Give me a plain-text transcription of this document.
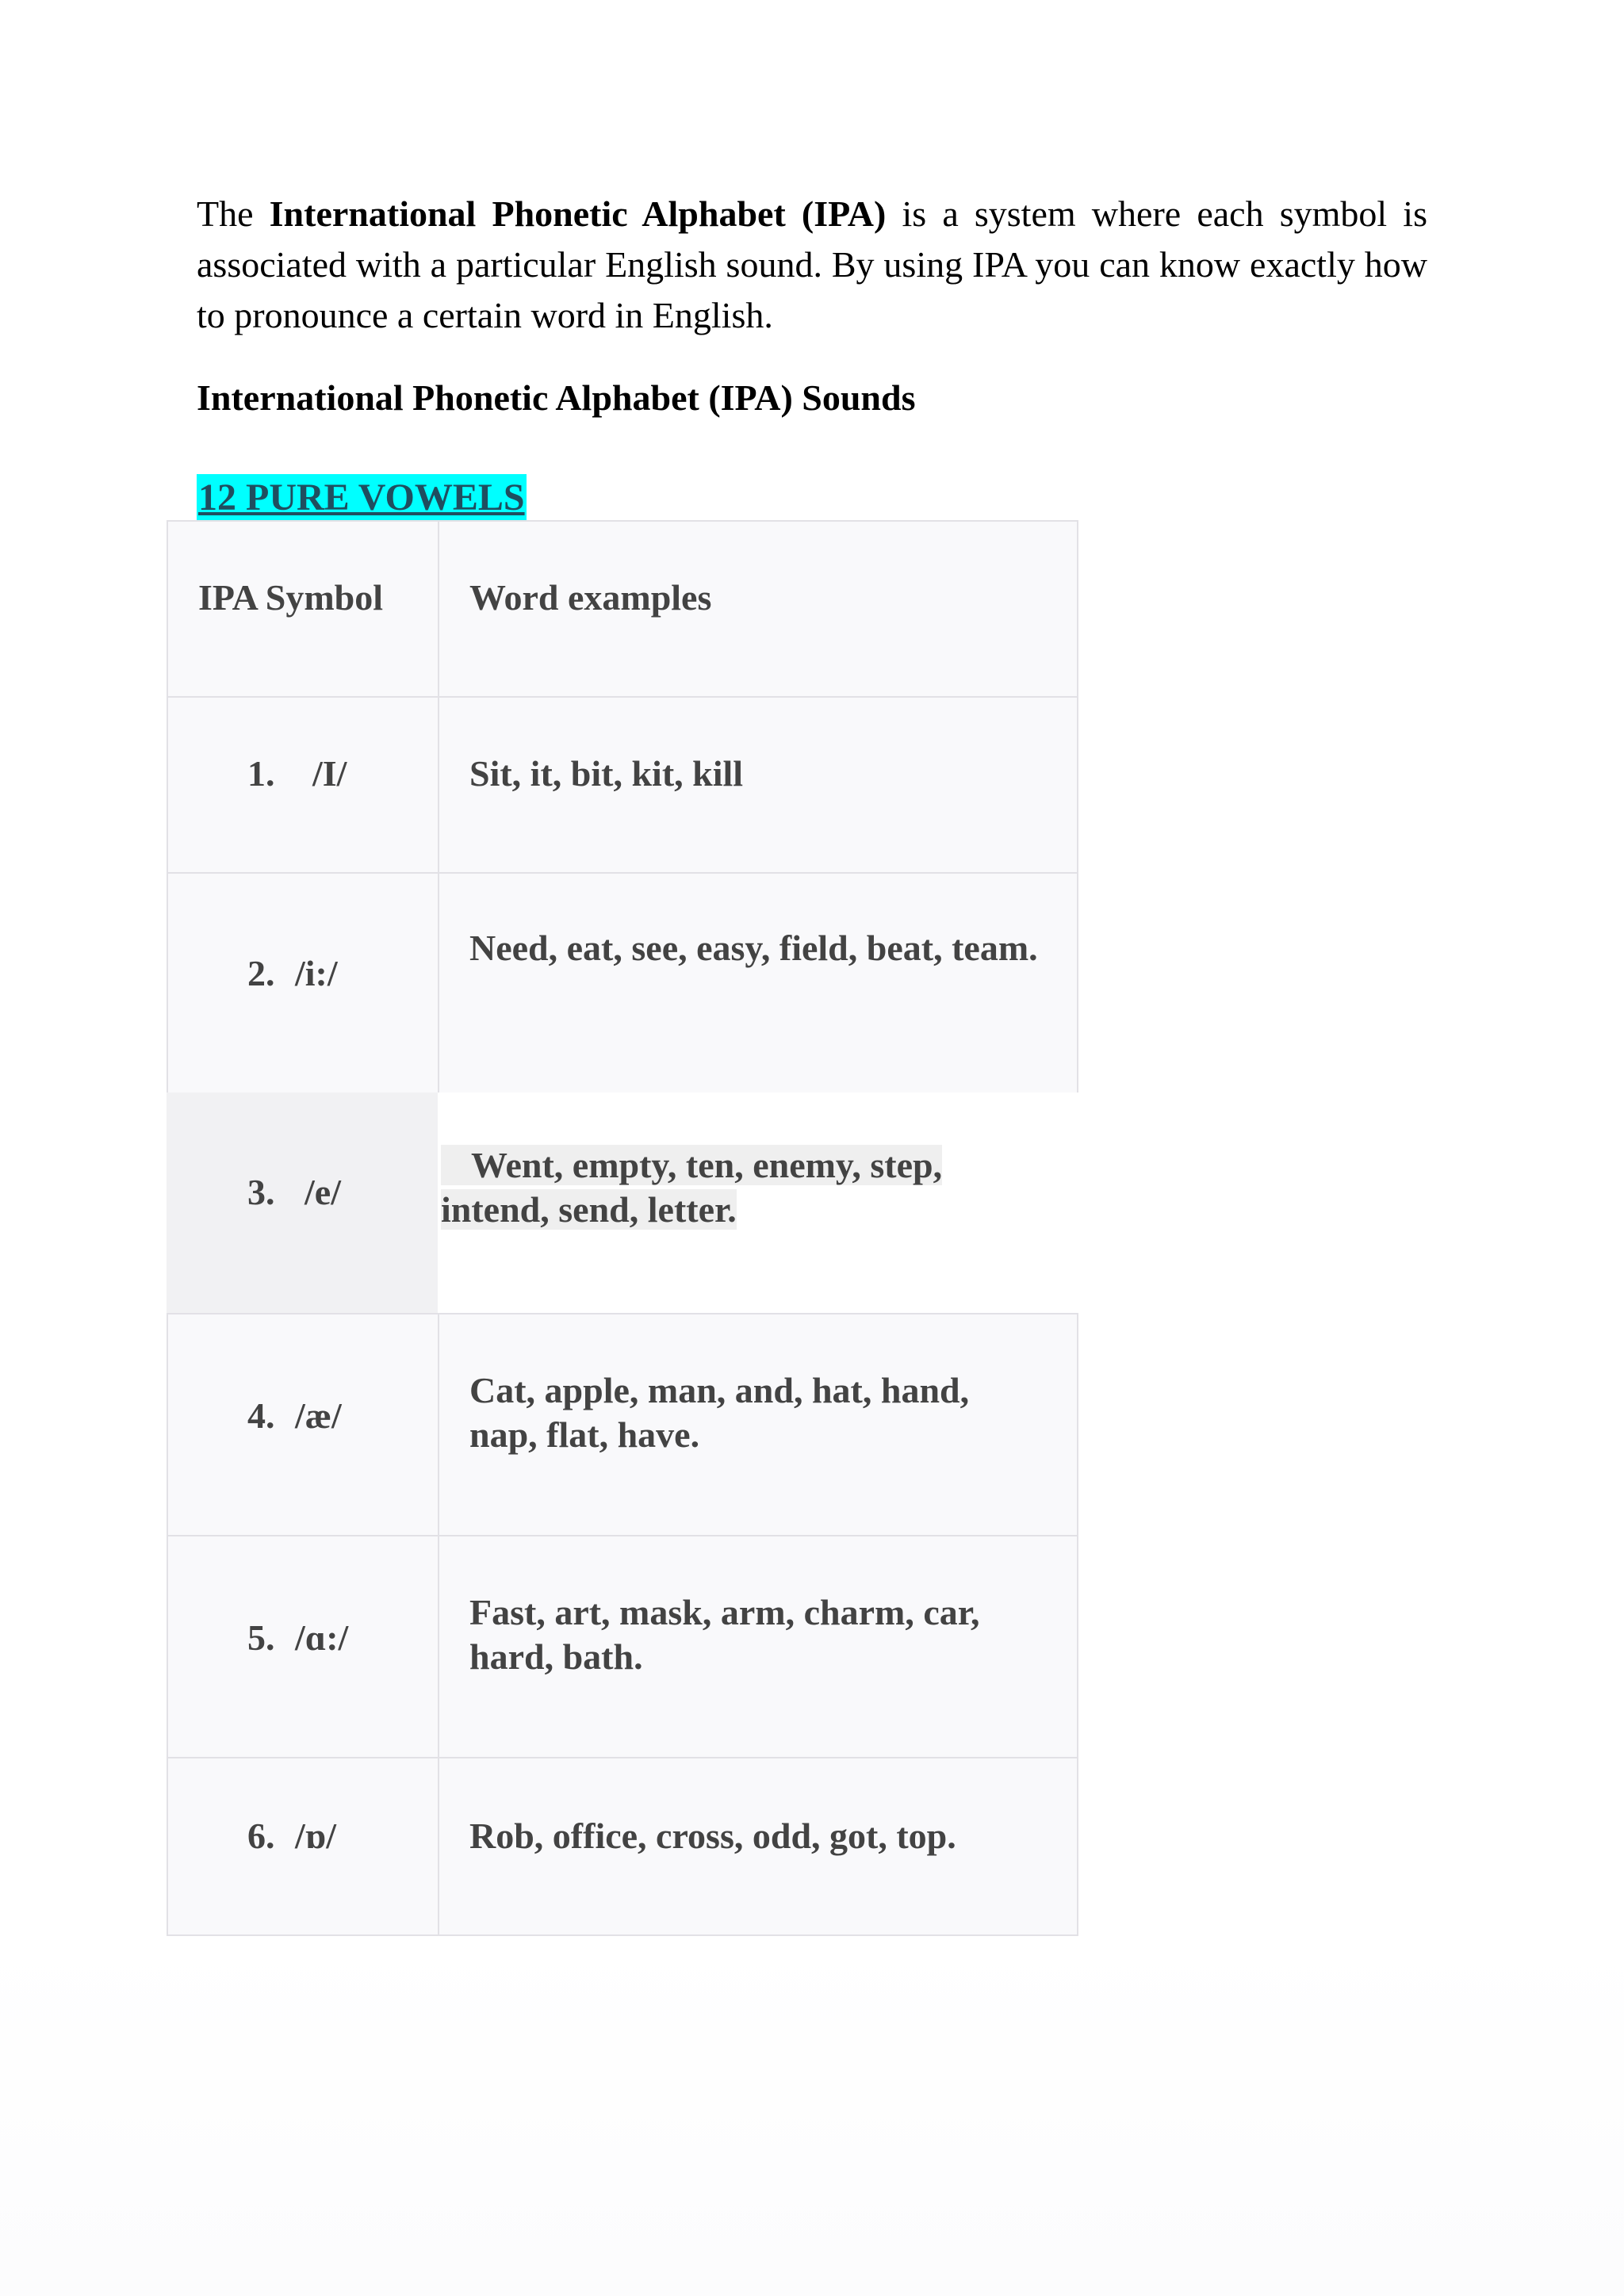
The International Phonetic Alphabet (IPA) is a system where each symbol is associated with a particular English sound. By using IPA you can know exactly how to pronounce a certain word in English.

International Phonetic Alphabet (IPA) Sounds

12 PURE VOWELS
IPA Symbol Word examples
1. /I/	Sit, it, bit, kit, kill
2. /i:/
Need, eat, see, easy, field, beat, team.
3. /e/
Went, empty, ten, enemy, step,
intend, send, letter.
4. /æ/
Cat, apple, man, and, hat, hand, nap, flat, have.
5. /ɑ:/
Fast, art, mask, arm, charm, car, hard, bath.
6. /ɒ/	Rob, office, cross, odd, got, top.
